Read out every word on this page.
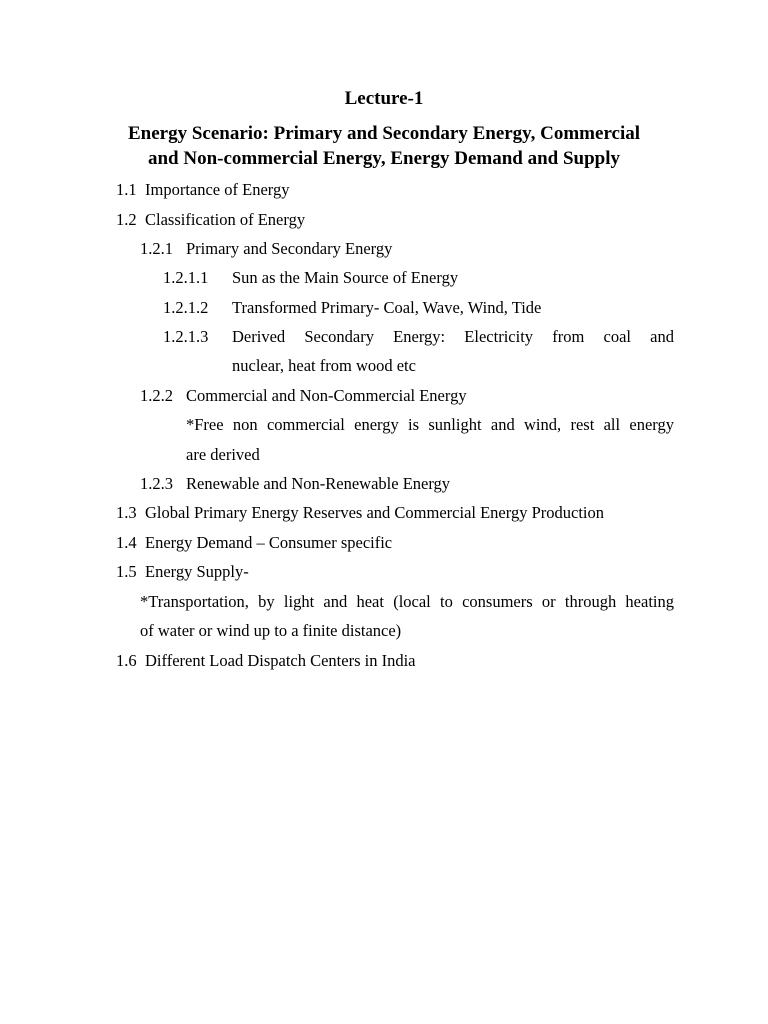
Lecture-1
Energy Scenario: Primary and Secondary Energy, Commercial
and Non-commercial Energy, Energy Demand and Supply
1.1 Importance of Energy
1.2 Classification of Energy
1.2.1 Primary and Secondary Energy
1.2.1.1 Sun as the Main Source of Energy
1.2.1.2 Transformed Primary- Coal, Wave, Wind, Tide
1.2.1.3 Derived Secondary Energy: Electricity from coal and
nuclear, heat from wood etc
1.2.2 Commercial and Non-Commercial Energy
*Free non commercial energy is sunlight and wind, rest all energy
are derived
1.2.3 Renewable and Non-Renewable Energy
1.3 Global Primary Energy Reserves and Commercial Energy Production
1.4 Energy Demand – Consumer specific
1.5 Energy Supply-
*Transportation, by light and heat (local to consumers or through heating
of water or wind up to a finite distance)
1.6 Different Load Dispatch Centers in India
